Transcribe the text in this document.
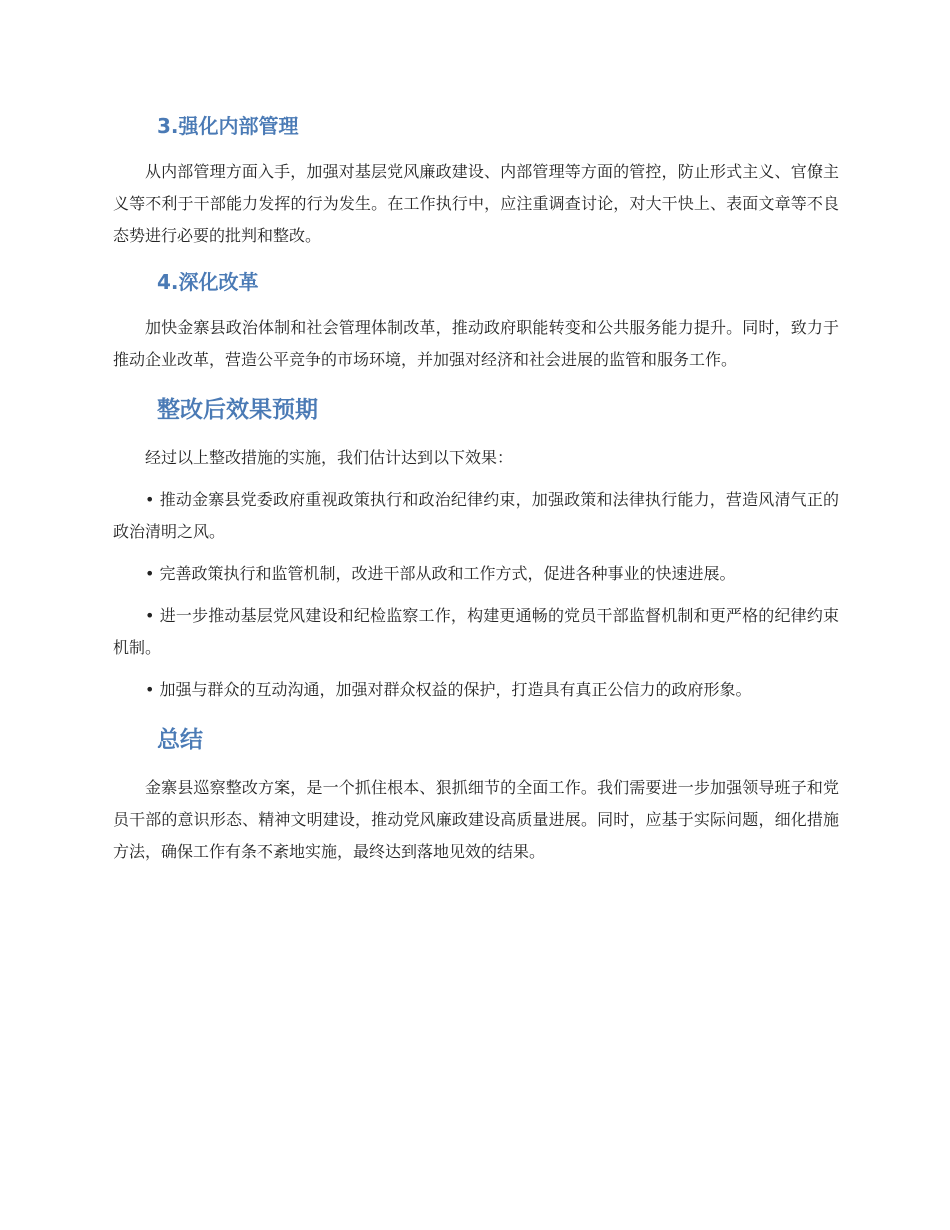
3.强化内部管理

从内部管理方面入手，加强对基层党风廉政建设、内部管理等方面的管控，防止形式主义、官僚主义等不利于干部能力发挥的行为发生。在工作执行中，应注重调查讨论，对大干快上、表面文章等不良态势进行必要的批判和整改。

4.深化改革

加快金寨县政治体制和社会管理体制改革，推动政府职能转变和公共服务能力提升。同时，致力于推动企业改革，营造公平竞争的市场环境，并加强对经济和社会进展的监管和服务工作。

整改后效果预期

经过以上整改措施的实施，我们估计达到以下效果：

• 推动金寨县党委政府重视政策执行和政治纪律约束，加强政策和法律执行能力，营造风清气正的政治清明之风。

• 完善政策执行和监管机制，改进干部从政和工作方式，促进各种事业的快速进展。

• 进一步推动基层党风建设和纪检监察工作，构建更通畅的党员干部监督机制和更严格的纪律约束机制。

• 加强与群众的互动沟通，加强对群众权益的保护，打造具有真正公信力的政府形象。

总结

金寨县巡察整改方案，是一个抓住根本、狠抓细节的全面工作。我们需要进一步加强领导班子和党员干部的意识形态、精神文明建设，推动党风廉政建设高质量进展。同时，应基于实际问题，细化措施方法，确保工作有条不紊地实施，最终达到落地见效的结果。
